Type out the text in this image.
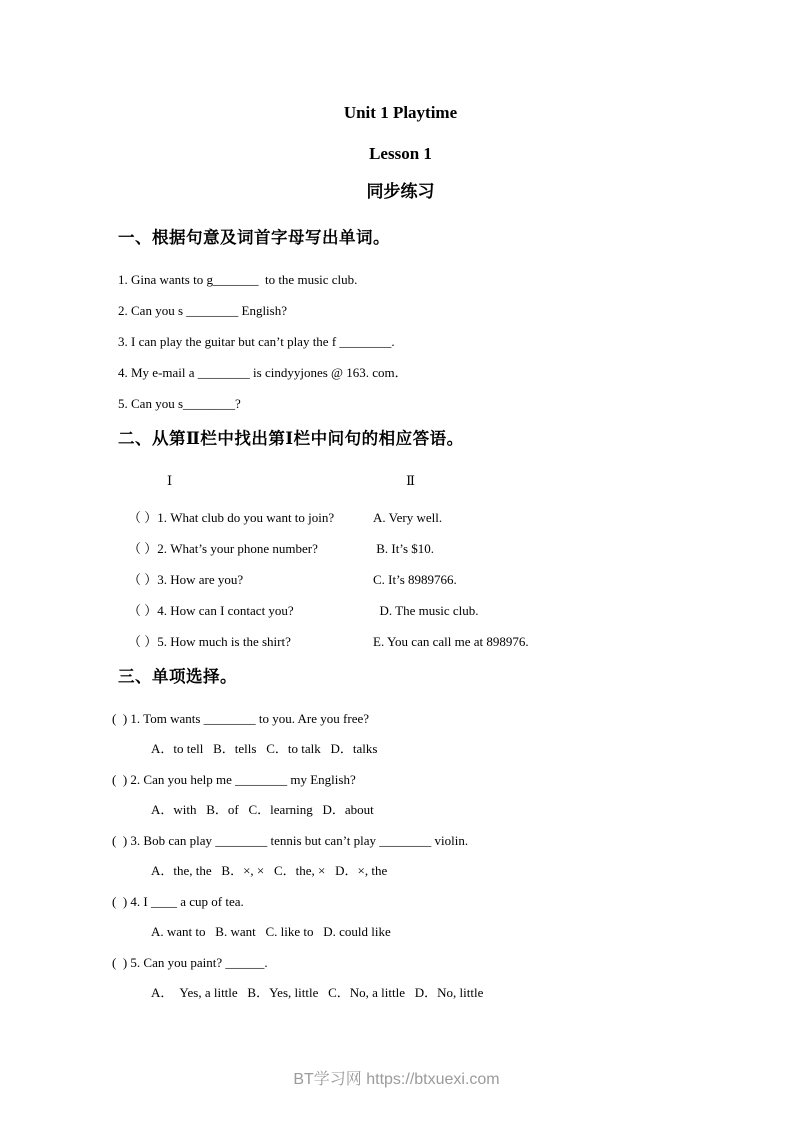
Unit 1 Playtime
Lesson 1
同步练习
一、根据句意及词首字母写出单词。
1. Gina wants to g_______  to the music club.
2. Can you s ________ English?
3. I can play the guitar but can’t play the f ________.
4. My e-mail a ________ is cindyyjones @ 163. com．
5. Can you s________?
二、从第Ⅱ栏中找出第Ⅰ栏中问句的相应答语。
Ⅰ	Ⅱ
（ ）1. What club do you want to join?	A. Very well.
（ ）2. What’s your phone number?	B. It’s $10.
（ ）3. How are you?	C. It’s 8989766.
（ ）4. How can I contact you?	D. The music club.
（ ）5. How much is the shirt?	E. You can call me at 898976.
三、单项选择。
(  ) 1. Tom wants ________ to you. Are you free?
A．to tell   B．tells   C．to talk   D．talks
(  ) 2. Can you help me ________ my English?
A．with   B．of   C．learning   D．about
(  ) 3. Bob can play ________ tennis but can’t play ________ violin.
A．the, the   B．×, ×   C．the, ×   D．×, the
(  ) 4. I ____ a cup of tea.
A. want to   B. want   C. like to   D. could like
(  ) 5. Can you paint? ______.
A．  Yes, a little   B．Yes, little   C．No, a little   D．No, little
BT学习网 https://btxuexi.com
